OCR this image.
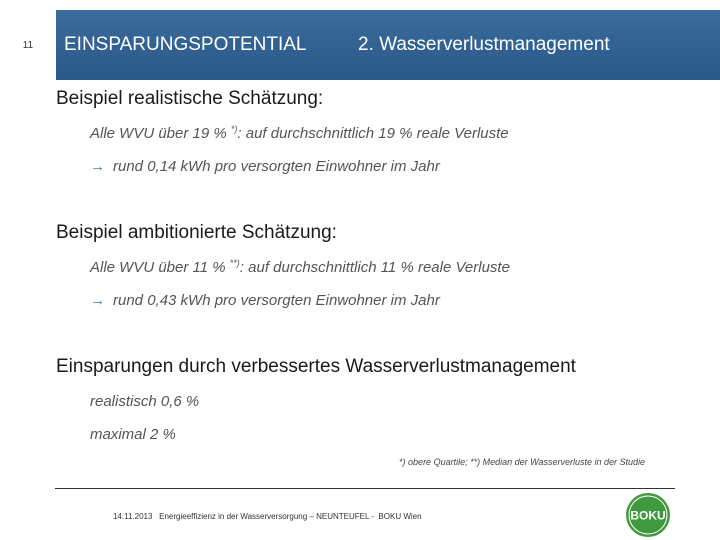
11 EINSPARUNGSPOTENTIAL	2. Wasserverlustmanagement
Beispiel realistische Schätzung:
Alle WVU über 19 % *): auf durchschnittlich 19 % reale Verluste
→ rund 0,14 kWh pro versorgten Einwohner im Jahr
Beispiel ambitionierte Schätzung:
Alle WVU über 11 % **): auf durchschnittlich 11 % reale Verluste
→ rund 0,43 kWh pro versorgten Einwohner im Jahr
Einsparungen durch verbessertes Wasserverlustmanagement
realistisch 0,6 %
maximal 2 %
*) obere Quartile; **) Median der Wasserverluste in der Studie
14.11.2013   Energieeffizienz in der Wasserversorgung – NEUNTEUFEL -  BOKU Wien	BOKU
